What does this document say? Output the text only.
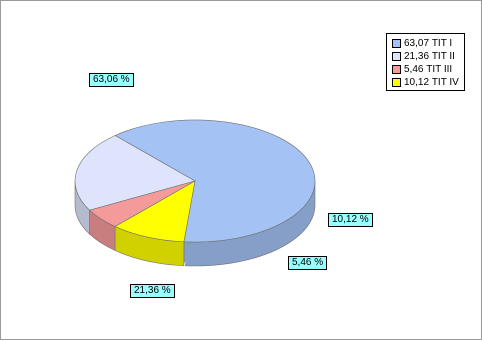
63,06 %
21,36 %
5,46 %
10,12 %
63,07
TIT I
21,36
TIT II
5,46
TIT III
10,12
TIT IV
